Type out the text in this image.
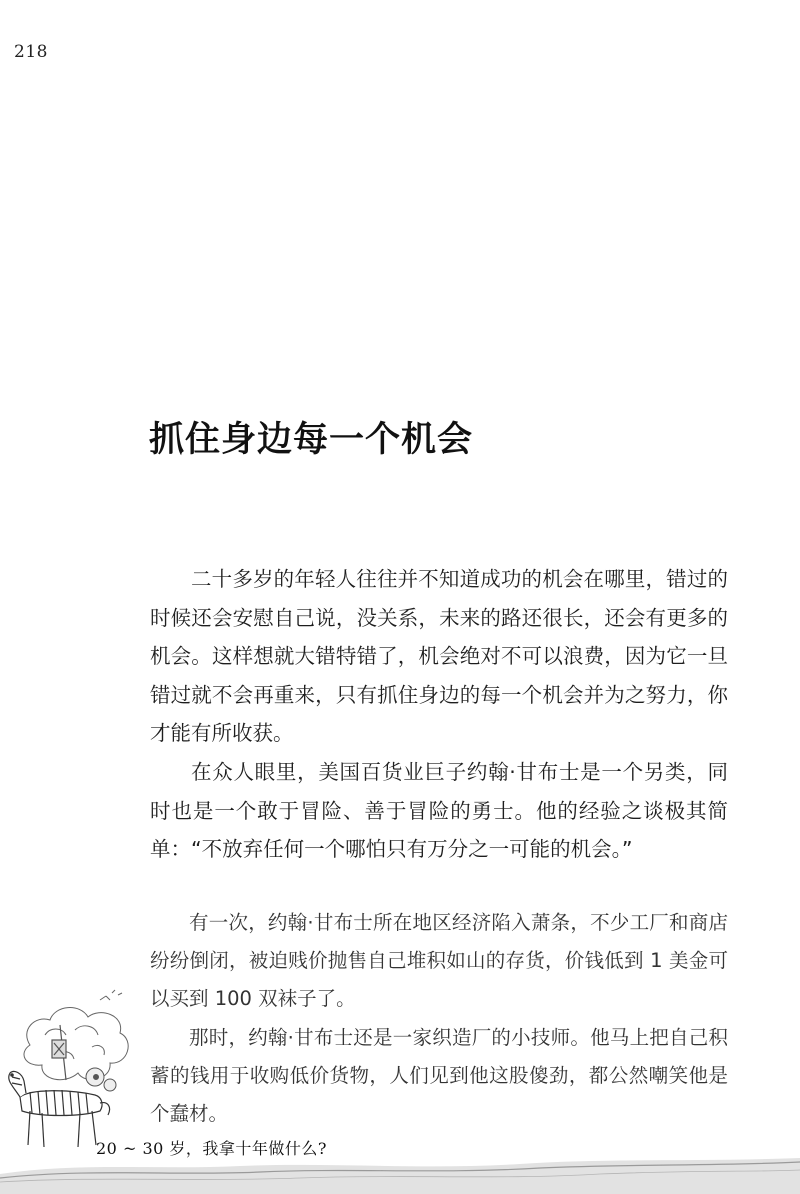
218
抓住身边每一个机会

二十多岁的年轻人往往并不知道成功的机会在哪里，错过的时候还会安慰自己说，没关系，未来的路还很长，还会有更多的机会。这样想就大错特错了，机会绝对不可以浪费，因为它一旦错过就不会再重来，只有抓住身边的每一个机会并为之努力，你才能有所收获。

在众人眼里，美国百货业巨子约翰·甘布士是一个另类，同时也是一个敢于冒险、善于冒险的勇士。他的经验之谈极其简单：“不放弃任何一个哪怕只有万分之一可能的机会。”

有一次，约翰·甘布士所在地区经济陷入萧条，不少工厂和商店纷纷倒闭，被迫贱价抛售自己堆积如山的存货，价钱低到 1 美金可以买到 100 双袜子了。

那时，约翰·甘布士还是一家织造厂的小技师。他马上把自己积蓄的钱用于收购低价货物，人们见到他这股傻劲，都公然嘲笑他是个蠢材。

20 ~ 30 岁，我拿十年做什么?
